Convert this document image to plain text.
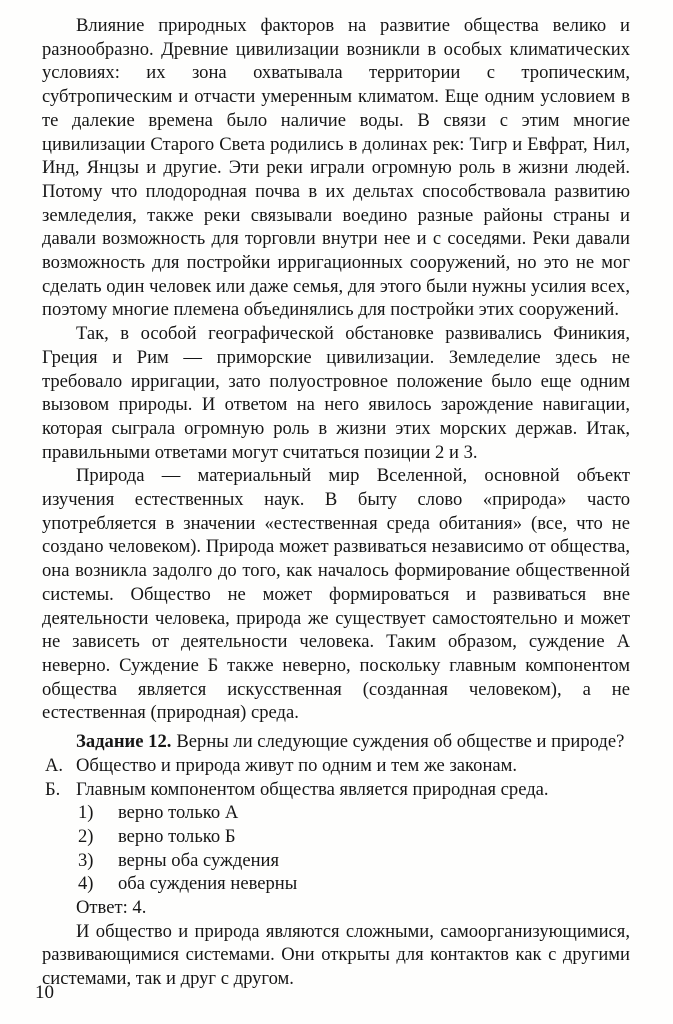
Влияние природных факторов на развитие общества велико и разнообразно. Древние цивилизации возникли в особых климатических условиях: их зона охватывала территории с тропическим, субтропическим и отчасти умеренным климатом. Еще одним условием в те далекие времена было наличие воды. В связи с этим многие цивилизации Старого Света родились в долинах рек: Тигр и Евфрат, Нил, Инд, Янцзы и другие. Эти реки играли огромную роль в жизни людей. Потому что плодородная почва в их дельтах способствовала развитию земледелия, также реки связывали воедино разные районы страны и давали возможность для торговли внутри нее и с соседями. Реки давали возможность для постройки ирригационных сооружений, но это не мог сделать один человек или даже семья, для этого были нужны усилия всех, поэтому многие племена объединялись для постройки этих сооружений.

Так, в особой географической обстановке развивались Финикия, Греция и Рим — приморские цивилизации. Земледелие здесь не требовало ирригации, зато полуостровное положение было еще одним вызовом природы. И ответом на него явилось зарождение навигации, которая сыграла огромную роль в жизни этих морских держав. Итак, правильными ответами могут считаться позиции 2 и 3.

Природа — материальный мир Вселенной, основной объект изучения естественных наук. В быту слово «природа» часто употребляется в значении «естественная среда обитания» (все, что не создано человеком). Природа может развиваться независимо от общества, она возникла задолго до того, как началось формирование общественной системы. Общество не может формироваться и развиваться вне деятельности человека, природа же существует самостоятельно и может не зависеть от деятельности человека. Таким образом, суждение А неверно. Суждение Б также неверно, поскольку главным компонентом общества является искусственная (созданная человеком), а не естественная (природная) среда.

Задание 12. Верны ли следующие суждения об обществе и природе?

А. Общество и природа живут по одним и тем же законам.
Б. Главным компонентом общества является природная среда.
1)	верно только А
2)	верно только Б
3)	верны оба суждения
4)	оба суждения неверны

Ответ: 4.

И общество и природа являются сложными, самоорганизующимися, развивающимися системами. Они открыты для контактов как с другими системами, так и друг с другом.

10
